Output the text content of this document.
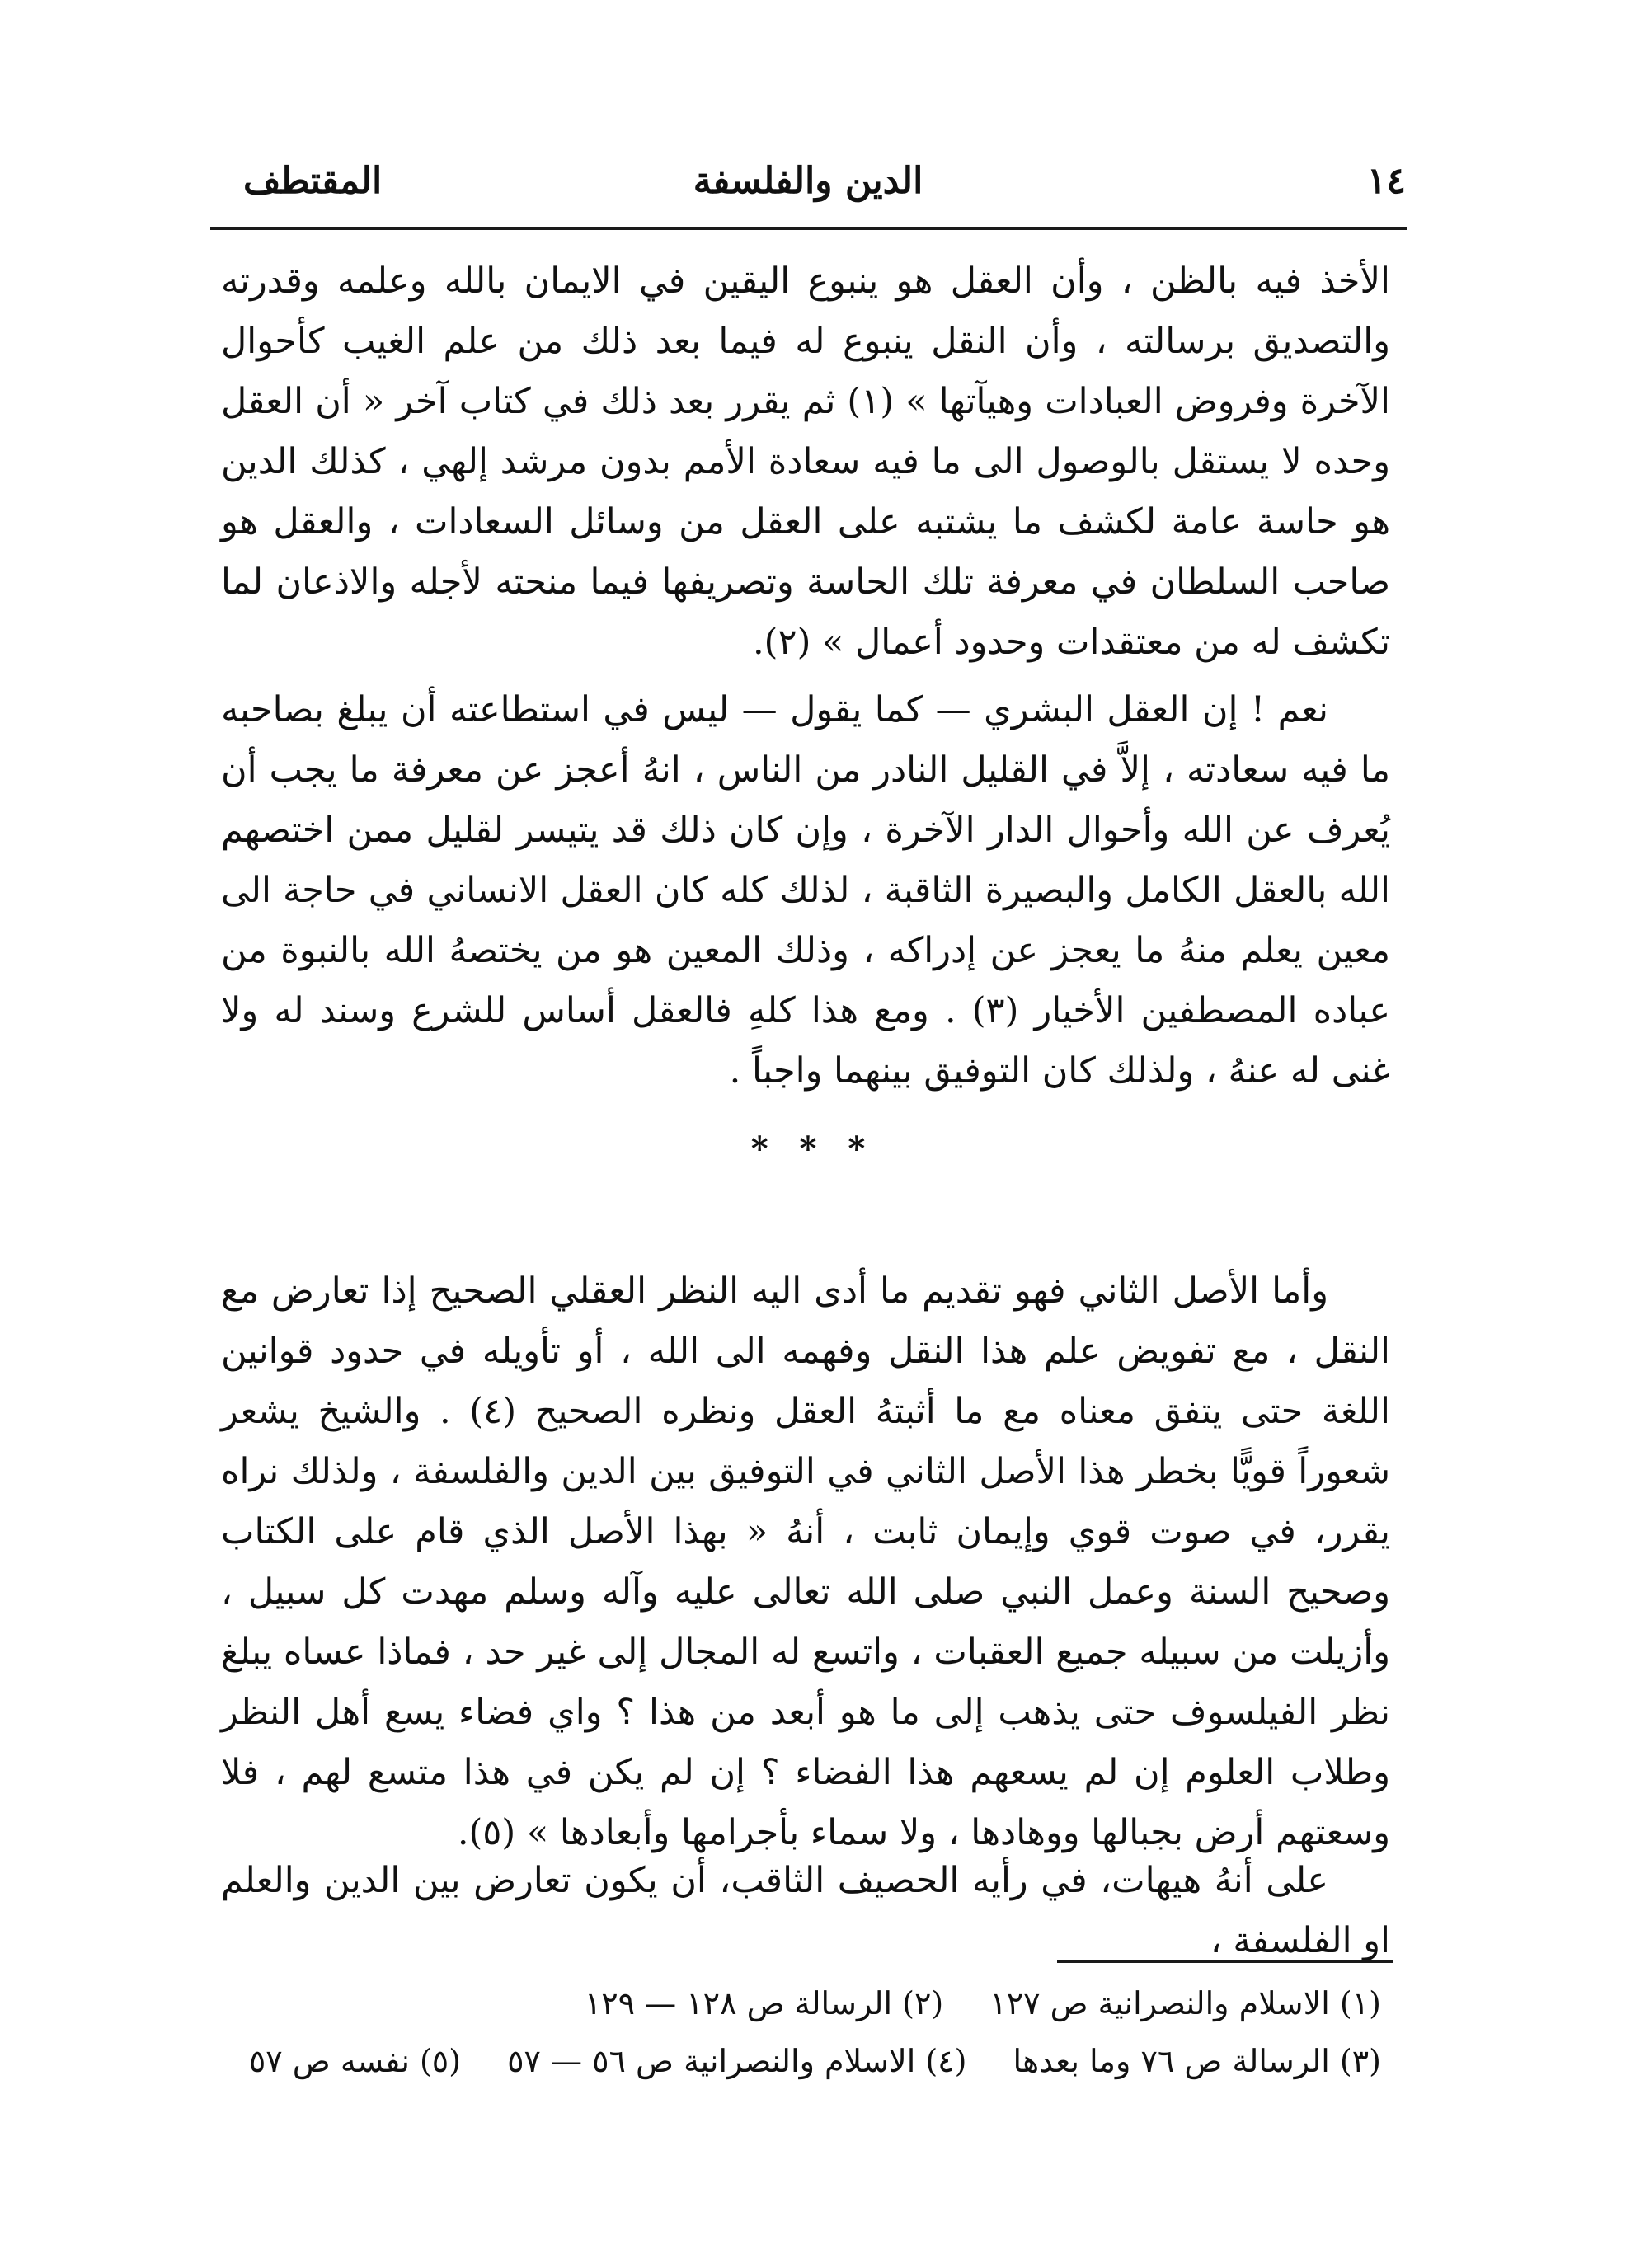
١٤
الدين والفلسفة
المقتطف
الأخذ فيه بالظن ، وأن العقل هو ينبوع اليقين في الايمان بالله وعلمه وقدرته والتصديق برسالته ، وأن النقل ينبوع له فيما بعد ذلك من علم الغيب كأحوال الآخرة وفروض العبادات وهيآتها » (١) ثم يقرر بعد ذلك في كتاب آخر « أن العقل وحده لا يستقل بالوصول الى ما فيه سعادة الأمم بدون مرشد إلهي ، كذلك الدين هو حاسة عامة لكشف ما يشتبه على العقل من وسائل السعادات ، والعقل هو صاحب السلطان في معرفة تلك الحاسة وتصريفها فيما منحته لأجله والاذعان لما تكشف له من معتقدات وحدود أعمال » (٢).
نعم ! إن العقل البشري — كما يقول — ليس في استطاعته أن يبلغ بصاحبه ما فيه سعادته ، إلاَّ في القليل النادر من الناس ، انهُ أعجز عن معرفة ما يجب أن يُعرف عن الله وأحوال الدار الآخرة ، وإن كان ذلك قد يتيسر لقليل ممن اختصهم الله بالعقل الكامل والبصيرة الثاقبة ، لذلك كله كان العقل الانساني في حاجة الى معين يعلم منهُ ما يعجز عن إدراكه ، وذلك المعين هو من يختصهُ الله بالنبوة من عباده المصطفين الأخيار (٣) . ومع هذا كلهِ فالعقل أساس للشرع وسند له ولا غنى له عنهُ ، ولذلك كان التوفيق بينهما واجباً .
* * *
وأما الأصل الثاني فهو تقديم ما أدى اليه النظر العقلي الصحيح إذا تعارض مع النقل ، مع تفويض علم هذا النقل وفهمه الى الله ، أو تأويله في حدود قوانين اللغة حتى يتفق معناه مع ما أثبتهُ العقل ونظره الصحيح (٤) . والشيخ يشعر شعوراً قويًّا بخطر هذا الأصل الثاني في التوفيق بين الدين والفلسفة ، ولذلك نراه يقرر، في صوت قوي وإيمان ثابت ، أنهُ « بهذا الأصل الذي قام على الكتاب وصحيح السنة وعمل النبي صلى الله تعالى عليه وآله وسلم مهدت كل سبيل ، وأزيلت من سبيله جميع العقبات ، واتسع له المجال إلى غير حد ، فماذا عساه يبلغ نظر الفيلسوف حتى يذهب إلى ما هو أبعد من هذا ؟ واي فضاء يسع أهل النظر وطلاب العلوم إن لم يسعهم هذا الفضاء ؟ إن لم يكن في هذا متسع لهم ، فلا وسعتهم أرض بجبالها ووهادها ، ولا سماء بأجرامها وأبعادها » (٥).
على أنهُ هيهات، في رأيه الحصيف الثاقب، أن يكون تعارض بين الدين والعلم او الفلسفة ،
(١) الاسلام والنصرانية ص ١٢٧ (٢) الرسالة ص ١٢٨ — ١٢٩
(٣) الرسالة ص ٧٦ وما بعدها (٤) الاسلام والنصرانية ص ٥٦ — ٥٧ (٥) نفسه ص ٥٧
